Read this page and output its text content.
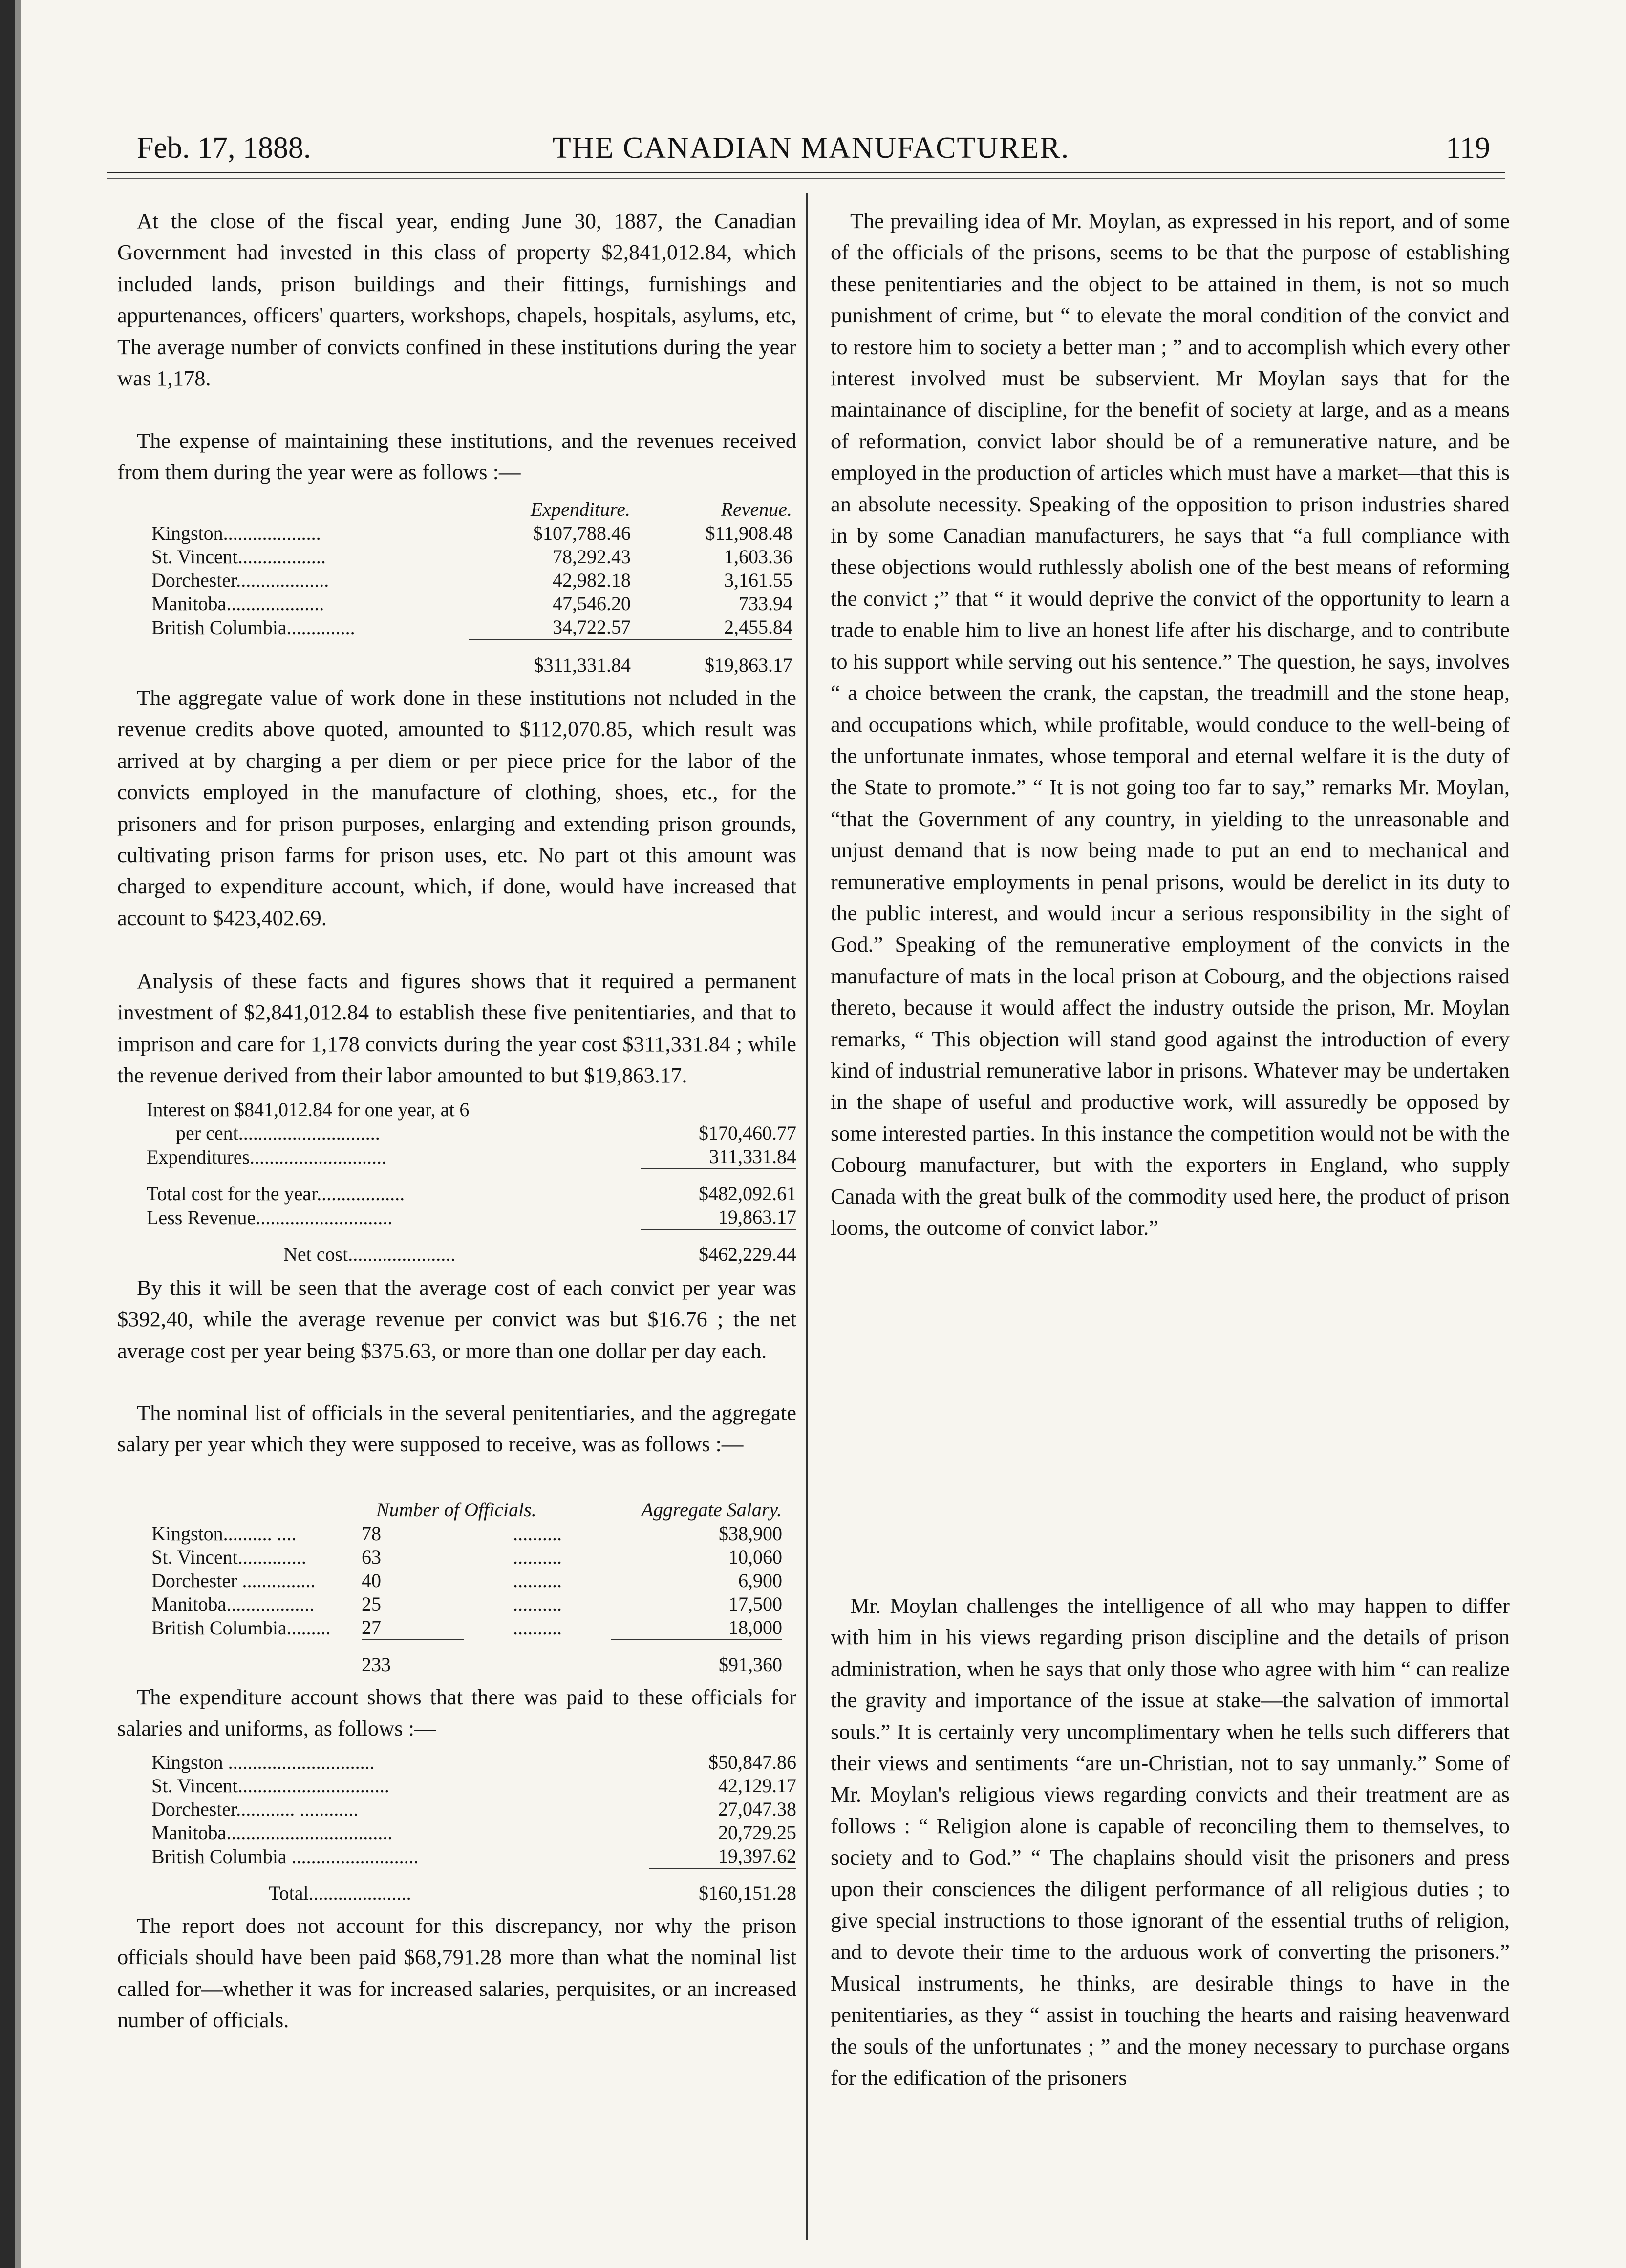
Feb. 17, 1888.	THE CANADIAN MANUFACTURER.	119

At the close of the fiscal year, ending June 30, 1887, the Canadian Government had invested in this class of property $2,841,012.84, which included lands, prison buildings and their fittings, furnishings and appurtenances, officers' quarters, workshops, chapels, hospitals, asylums, etc, The average number of convicts confined in these institutions during the year was 1,178.

The expense of maintaining these institutions, and the revenues received from them during the year were as follows :—

	Expenditure.	Revenue.
Kingston....................	$107,788.46	$11,908.48
St. Vincent..................	78,292.43	1,603.36
Dorchester...................	42,982.18	3,161.55
Manitoba....................	47,546.20	733.94
British Columbia..............	34,722.57	2,455.84
	$311,331.84	$19,863.17

The aggregate value of work done in these institutions not ncluded in the revenue credits above quoted, amounted to $112,070.85, which result was arrived at by charging a per diem or per piece price for the labor of the convicts employed in the manufacture of clothing, shoes, etc., for the prisoners and for prison purposes, enlarging and extending prison grounds, cultivating prison farms for prison uses, etc. No part ot this amount was charged to expenditure account, which, if done, would have increased that account to $423,402.69.

Analysis of these facts and figures shows that it required a permanent investment of $2,841,012.84 to establish these five penitentiaries, and that to imprison and care for 1,178 convicts during the year cost $311,331.84 ; while the revenue derived from their labor amounted to but $19,863.17.

Interest on $841,012.84 for one year, at 6	
per cent.............................	$170,460.77
Expenditures............................	311,331.84
Total cost for the year..................	$482,092.61
Less Revenue............................	19,863.17
Net cost......................	$462,229.44

By this it will be seen that the average cost of each convict per year was $392,40, while the average revenue per convict was but $16.76 ; the net average cost per year being $375.63, or more than one dollar per day each.

The nominal list of officials in the several penitentiaries, and the aggregate salary per year which they were supposed to receive, was as follows :—

	Number of Officials.		Aggregate Salary.
Kingston.......... ....	78	..........	$38,900
St. Vincent..............	63	..........	10,060
Dorchester ...............	40	..........	6,900
Manitoba..................	25	..........	17,500
British Columbia.........	27	..........	18,000
	233		$91,360

The expenditure account shows that there was paid to these officials for salaries and uniforms, as follows :—

Kingston ..............................	$50,847.86
St. Vincent...............................	42,129.17
Dorchester............ ............	27,047.38
Manitoba..................................	20,729.25
British Columbia ..........................	19,397.62
Total.....................	$160,151.28

The report does not account for this discrepancy, nor why the prison officials should have been paid $68,791.28 more than what the nominal list called for—whether it was for increased salaries, perquisites, or an increased number of officials.

The prevailing idea of Mr. Moylan, as expressed in his report, and of some of the officials of the prisons, seems to be that the purpose of establishing these penitentiaries and the object to be attained in them, is not so much punishment of crime, but “ to elevate the moral condition of the convict and to restore him to society a better man ; ” and to accomplish which every other interest involved must be subservient. Mr Moylan says that for the maintainance of discipline, for the benefit of society at large, and as a means of reformation, convict labor should be of a remunerative nature, and be employed in the production of articles which must have a market—that this is an absolute necessity. Speaking of the opposition to prison industries shared in by some Canadian manufacturers, he says that “a full compliance with these objections would ruthlessly abolish one of the best means of reforming the convict ;” that “ it would deprive the convict of the opportunity to learn a trade to enable him to live an honest life after his discharge, and to contribute to his support while serving out his sentence.” The question, he says, involves “ a choice between the crank, the capstan, the treadmill and the stone heap, and occupations which, while profitable, would conduce to the well-being of the unfortunate inmates, whose temporal and eternal welfare it is the duty of the State to promote.” “ It is not going too far to say,” remarks Mr. Moylan, “that the Government of any country, in yielding to the unreasonable and unjust demand that is now being made to put an end to mechanical and remunerative employments in penal prisons, would be derelict in its duty to the public interest, and would incur a serious responsibility in the sight of God.” Speaking of the remunerative employment of the convicts in the manufacture of mats in the local prison at Cobourg, and the objections raised thereto, because it would affect the industry outside the prison, Mr. Moylan remarks, “ This objection will stand good against the introduction of every kind of industrial remunerative labor in prisons. Whatever may be undertaken in the shape of useful and productive work, will assuredly be opposed by some interested parties. In this instance the competition would not be with the Cobourg manufacturer, but with the exporters in England, who supply Canada with the great bulk of the commodity used here, the product of prison looms, the outcome of convict labor.”

Mr. Moylan challenges the intelligence of all who may happen to differ with him in his views regarding prison discipline and the details of prison administration, when he says that only those who agree with him “ can realize the gravity and importance of the issue at stake—the salvation of immortal souls.” It is certainly very uncomplimentary when he tells such differers that their views and sentiments “are un-Christian, not to say unmanly.” Some of Mr. Moylan's religious views regarding convicts and their treatment are as follows : “ Religion alone is capable of reconciling them to themselves, to society and to God.” “ The chaplains should visit the prisoners and press upon their consciences the diligent performance of all religious duties ; to give special instructions to those ignorant of the essential truths of religion, and to devote their time to the arduous work of converting the prisoners.” Musical instruments, he thinks, are desirable things to have in the penitentiaries, as they “ assist in touching the hearts and raising heavenward the souls of the unfortunates ; ” and the money necessary to purchase organs for the edification of the prisoners
